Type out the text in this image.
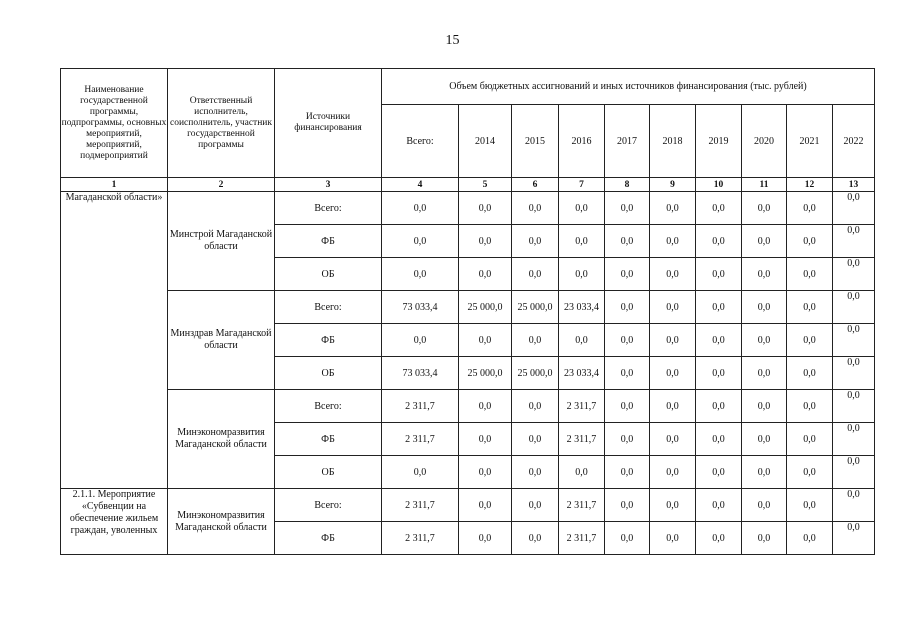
15
Наименование государственной программы, подпрограммы, основных мероприятий, мероприятий, подмероприятий	Ответственный исполнитель, соисполнитель, участник государственной программы	Источники финансирования	Объем бюджетных ассигнований и иных источников финансирования (тыс. рублей)									
			Всего:	2014	2015	2016	2017	2018	2019	2020	2021	2022
1	2	3	4	5	6	7	8	9	10	11	12	13
Магаданской области»	Минстрой Магаданской области	Всего:	0,0	0,0	0,0	0,0	0,0	0,0	0,0	0,0	0,0	0,0
		ФБ	0,0	0,0	0,0	0,0	0,0	0,0	0,0	0,0	0,0	0,0
		ОБ	0,0	0,0	0,0	0,0	0,0	0,0	0,0	0,0	0,0	0,0
	Минздрав Магаданской области	Всего:	73 033,4	25 000,0	25 000,0	23 033,4	0,0	0,0	0,0	0,0	0,0	0,0
		ФБ	0,0	0,0	0,0	0,0	0,0	0,0	0,0	0,0	0,0	0,0
		ОБ	73 033,4	25 000,0	25 000,0	23 033,4	0,0	0,0	0,0	0,0	0,0	0,0
	Минэкономразвития Магаданской области	Всего:	2 311,7	0,0	0,0	2 311,7	0,0	0,0	0,0	0,0	0,0	0,0
		ФБ	2 311,7	0,0	0,0	2 311,7	0,0	0,0	0,0	0,0	0,0	0,0
		ОБ	0,0	0,0	0,0	0,0	0,0	0,0	0,0	0,0	0,0	0,0
2.1.1. Мероприятие «Субвенции на обеспечение жильем граждан, уволенных	Минэкономразвития Магаданской области	Всего:	2 311,7	0,0	0,0	2 311,7	0,0	0,0	0,0	0,0	0,0	0,0
		ФБ	2 311,7	0,0	0,0	2 311,7	0,0	0,0	0,0	0,0	0,0	0,0
